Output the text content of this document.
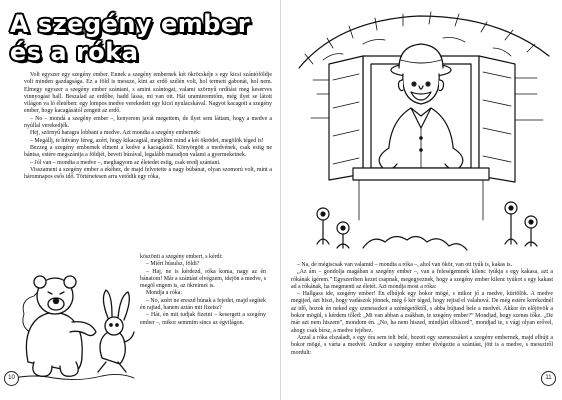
A szegény ember
és a róka

Volt egyszer egy szegény ember. Ennek a szegény embernek két ökröcskéje s egy kicsi szántóföldje volt minden gazdagsága. Ez a föld is messze, kint az erdő szélén volt, hol termett gabonát, hol nem. Elmegy egyszer a szegény ember szántani, s amint szántogat, valami szörnyű ordítást meg keserves vinnyogást hall. Beszalad az erdőbe, hadd lássa, mi van ott. Hát uramteremtőm, még ilyet se látott világon va ló életében: egy lompos medve verekedett egy kicsi nyulacskával. Nagyot kacagott a szegény ember, hogy kacagásától zengett az erdő.

– No – mondá a szegény ember –, kenyerem javát megettem, de ilyet sem láttam, hogy a medve a nyúllal verekedjék.

Hej, szörnyű haragra lobbant a medve. Azt mondta a szegény embernek:

– Megállj, te hitvány féreg, azért, hogy kikacagtál, megölöm mind a két ökrödet, megölök téged is!

Bezzeg a szegény embernek elment a kedve a kacagástól. Könyörgött a medvének, csak estig ne bántsa, estére megszántja a földjét, beveti búzával, legalább maradjon valami a gyermekeinek.

– Jól van – mondta a medve –, meghagyom az életedet estig, csak eredj szántani.

Visszament a szegény ember a ekéhez, de majd felvetette a nagy búbánat, olyan szomorú volt, mint a háromnapos esős idő. Történetesen arra vetődik egy róka,

köszönti a szegény embert, s kérdi:

– Miért búsulsz, földi?

– Haj, ne is kérdezd, róka koma, nagy az én bánatom! Már a szántást elvégzem, idejön a medve, s megöl engem is, az ökreimet is.

Mondja a róka:

– No, azért ne ereszd búnak a fejedet, majd segítek én rajtad, hanem aztán mit fizetsz?

– Hát, én mit tudjak fizetni – kesergett a szegény ember –, mikor semmim sincs az égvilágon.

10

– Na, de mégiscsak van valamid – mondta a róka –, ahol van ökör, van ott tyúk is, kakas is.

„Az ám – gondolja magában a szegény ember –, van a feleségemnek kilenc tyúkja s egy kakasa, azt a rókának ígérem.” Egyszeriben kezet csapnak, megegyeznek, hogy a szegény ember kilenc tyúkot s egy kakast ad a rókának, ha megmenti az életét. Azt mondja most a róka:

– Hallgass ide, szegény ember! Én elbújok egy bokor mögé, s mikor jő a medve, kürtölök. A medve megijed, azt hiszi, hogy vadászok jönnek, még ő kér téged, hogy rejtsd el valahová. De még estére kerekednél az idő, hozok én neked egy szenesszkot a szénégetőktől, s abba bújtasd bele a medvét. Akkor én előjövök a bokor mögül, s kérdem tőled: „Mi van abban a zsákban, te szegény ember?” Mondjad, hogy szenes tőke. „De már azt nem hiszem”, mondom én. „No, ha nem hiszed, mindjárt elhiszed”, mondjad te, s vágj olyan erővel, ahogy csak bírsz, a medve fejéhez.

Azzal a róka elszaladt, s egy óra sem telt belé, hozott egy szeneszsákot a szegény embernek, majd elbújt a bokor mögé, s várta a medvét. Amikor a szegény ember elvégezte a szántást, jött is a medve, s messziről mordult:

11
